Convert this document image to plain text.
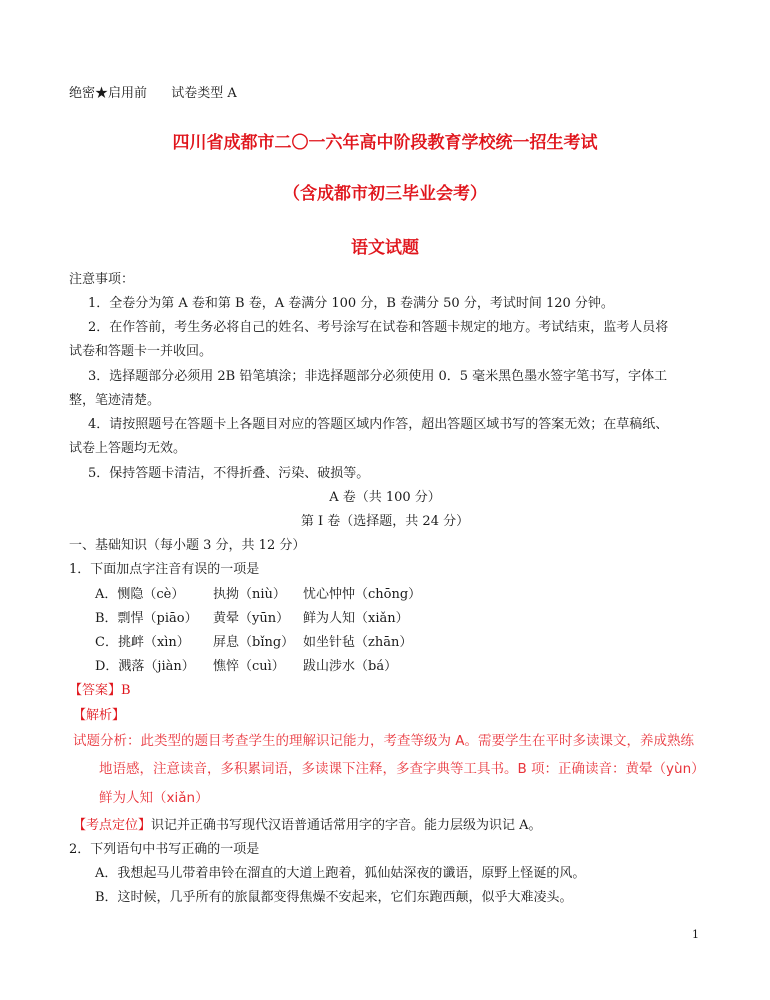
绝密★启用前 试卷类型 A
四川省成都市二〇一六年高中阶段教育学校统一招生考试
（含成都市初三毕业会考）
语文试题
注意事项：
1．全卷分为第 A 卷和第 B 卷，A 卷满分 100 分，B 卷满分 50 分，考试时间 120 分钟。
2．在作答前，考生务必将自己的姓名、考号涂写在试卷和答题卡规定的地方。考试结束，监考人员将
试卷和答题卡一并收回。
3．选择题部分必须用 2B 铅笔填涂；非选择题部分必须使用 0．5 毫米黑色墨水签字笔书写，字体工
整，笔迹清楚。
4．请按照题号在答题卡上各题目对应的答题区域内作答，超出答题区域书写的答案无效；在草稿纸、
试卷上答题均无效。
5．保持答题卡清洁，不得折叠、污染、破损等。
A 卷（共 100 分）
第 I 卷（选择题，共 24 分）
一、基础知识（每小题 3 分，共 12 分）
1．下面加点字注音有误的一项是
A．恻隐（cè） 执拗（niù） 忧心忡忡（chōng）
B．剽悍（piāo） 黄晕（yūn） 鲜为人知（xiǎn）
C．挑衅（xìn） 屏息（bǐng） 如坐针毡（zhān）
D．溅落（jiàn） 憔悴（cuì） 跋山涉水（bá）
【答案】B
【解析】
试题分析：此类型的题目考查学生的理解识记能力，考查等级为 A。需要学生在平时多读课文，养成熟练
地语感，注意读音，多积累词语，多读课下注释，多查字典等工具书。B 项：正确读音：黄晕（yùn）
鲜为人知（xiǎn）
【考点定位】识记并正确书写现代汉语普通话常用字的字音。能力层级为识记 A。
2．下列语句中书写正确的一项是
A．我想起马儿带着串铃在溜直的大道上跑着，狐仙姑深夜的谶语，原野上怪诞的风。
B．这时候，几乎所有的旅鼠都变得焦燥不安起来，它们东跑西颠，似乎大难凌头。
1
